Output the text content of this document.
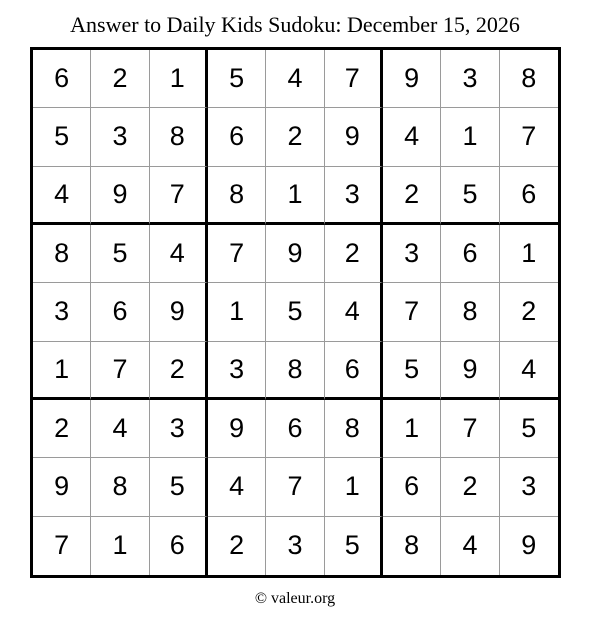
Answer to Daily Kids Sudoku: December 15, 2026
6	2	1	5	4	7	9	3	8
5	3	8	6	2	9	4	1	7
4	9	7	8	1	3	2	5	6
8	5	4	7	9	2	3	6	1
3	6	9	1	5	4	7	8	2
1	7	2	3	8	6	5	9	4
2	4	3	9	6	8	1	7	5
9	8	5	4	7	1	6	2	3
7	1	6	2	3	5	8	4	9
© valeur.org
